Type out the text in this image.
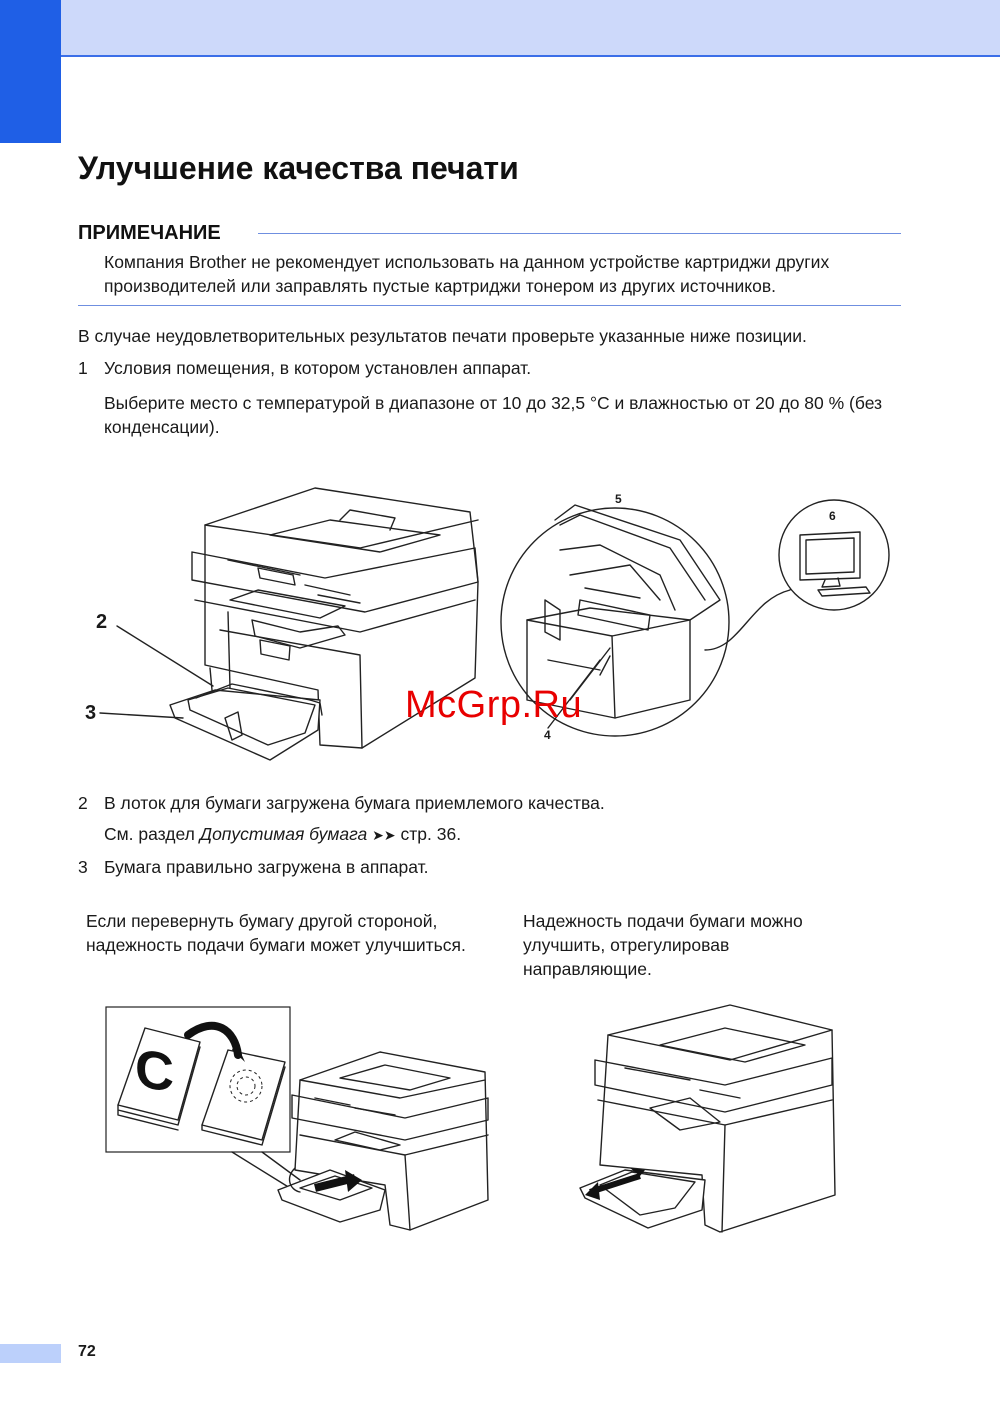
Улучшение качества печати
ПРИМЕЧАНИЕ
Компания Brother не рекомендует использовать на данном устройстве картриджи других производителей или заправлять пустые картриджи тонером из других источников.
В случае неудовлетворительных результатов печати проверьте указанные ниже позиции.
1 Условия помещения, в котором установлен аппарат.
Выберите место с температурой в диапазоне от 10 до 32,5 °C и влажностью от 20 до 80 % (без конденсации).
2
3
4
5
6
McGrp.Ru
2 В лоток для бумаги загружена бумага приемлемого качества.
См. раздел Допустимая бумага ➤➤ стр. 36.
3 Бумага правильно загружена в аппарат.
Если перевернуть бумагу другой стороной, надежность подачи бумаги может улучшиться.
Надежность подачи бумаги можно улучшить, отрегулировав направляющие.
C
72
